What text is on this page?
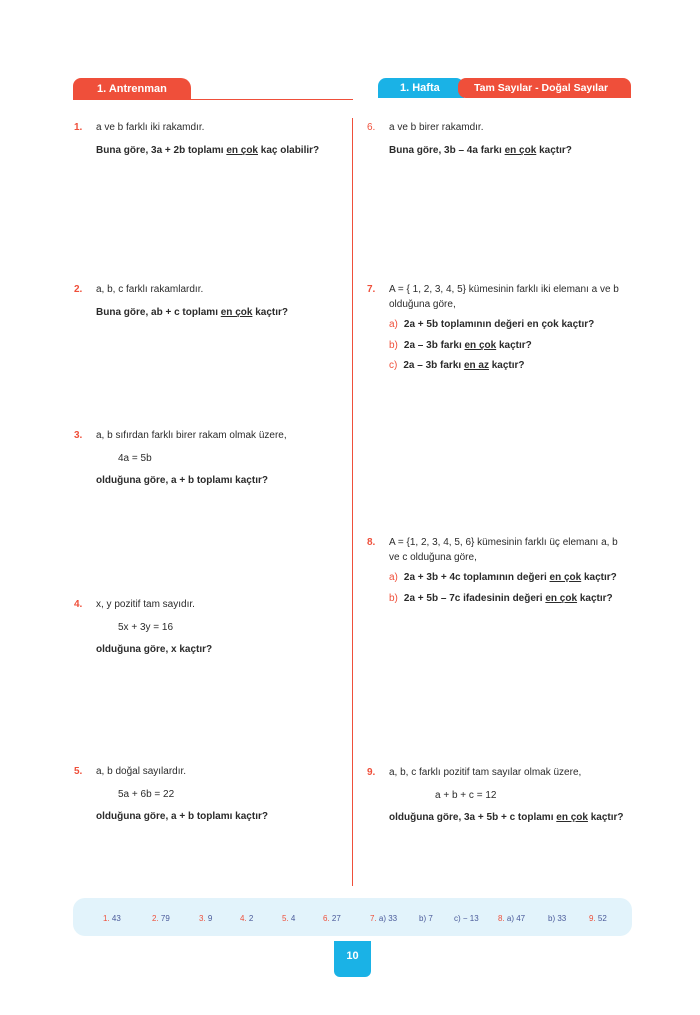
1. Antrenman	1. Hafta	Tam Sayılar - Doğal Sayılar
1. a ve b farklı iki rakamdır.

Buna göre, 3a + 2b toplamı en çok kaç olabilir?

2. a, b, c farklı rakamlardır.

Buna göre, ab + c toplamı en çok kaçtır?

3. a, b sıfırdan farklı birer rakam olmak üzere,

4a = 5b

olduğuna göre, a + b toplamı kaçtır?

4. x, y pozitif tam sayıdır.

5x + 3y = 16

olduğuna göre, x kaçtır?

5. a, b doğal sayılardır.

5a + 6b = 22

olduğuna göre, a + b toplamı kaçtır?

6. a ve b birer rakamdır.

Buna göre, 3b – 4a farkı en çok kaçtır?

7. A = { 1, 2, 3, 4, 5} kümesinin farklı iki elemanı a ve b

olduğuna göre,

a) 2a + 5b toplamının değeri en çok kaçtır?

b) 2a – 3b farkı en çok kaçtır?

c) 2a – 3b farkı en az kaçtır?

8. A = {1, 2, 3, 4, 5, 6} kümesinin farklı üç elemanı a, b

ve c olduğuna göre,

a) 2a + 3b + 4c toplamının değeri en çok kaçtır?

b) 2a + 5b – 7c ifadesinin değeri en çok kaçtır?

9. a, b, c farklı pozitif tam sayılar olmak üzere,

a + b + c = 12

olduğuna göre, 3a + 5b + c toplamı en çok kaçtır?

1. 43	2. 79	3. 9	4. 2	5. 4	6. 27	7. a) 33	b) 7	c) − 13 8. a) 47	b) 33	9. 52
10
